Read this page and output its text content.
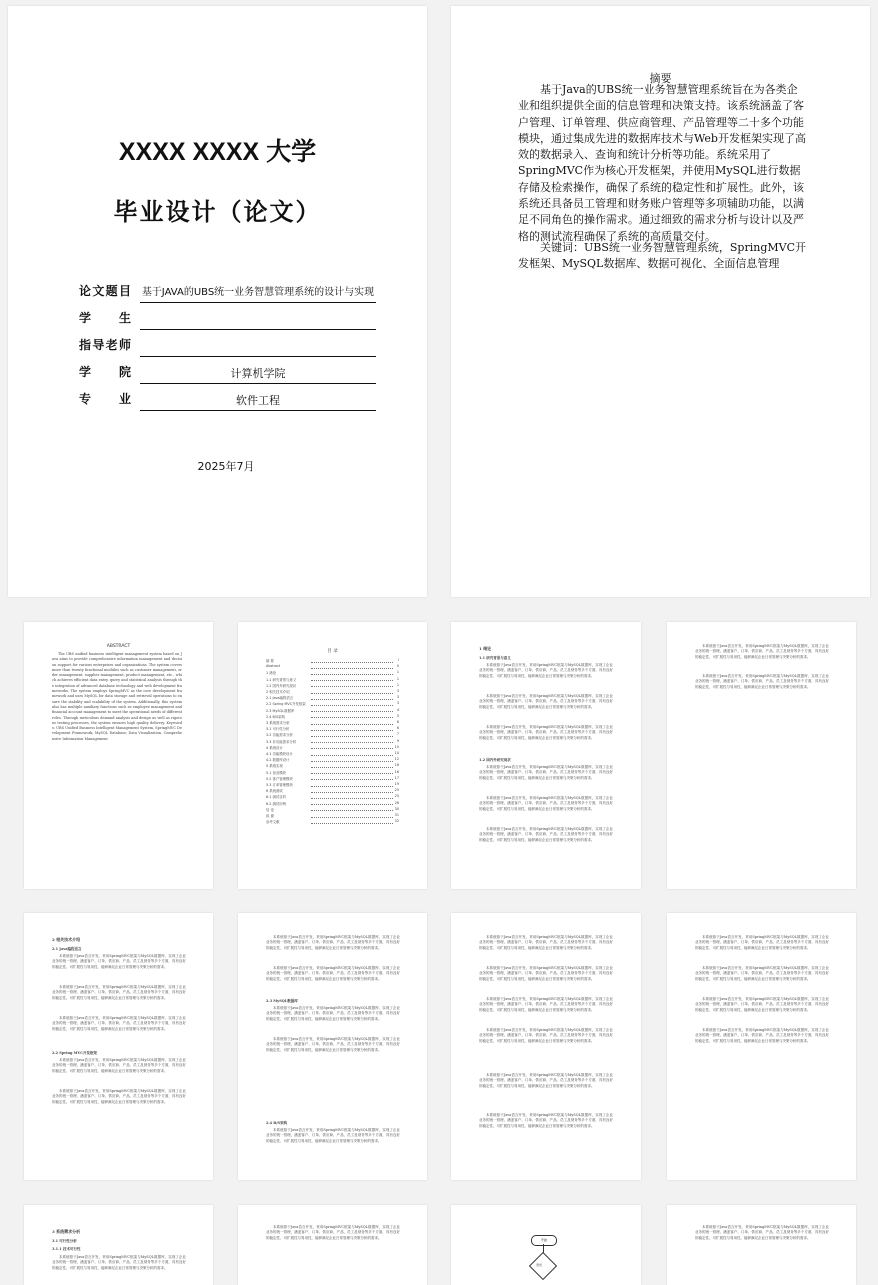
XXXX XXXX 大学
毕业设计（论文）
论文题目 基于JAVA的UBS统一业务智慧管理系统的设计与实现
学生
指导老师
学院	计算机学院
专业	软件工程
2025年7月
摘要
基于Java的UBS统一业务智慧管理系统旨在为各类企业和组织提供全面的信息管理和决策支持。该系统涵盖了客户管理、订单管理、供应商管理、产品管理等二十多个功能模块，通过集成先进的数据库技术与Web开发框架实现了高效的数据录入、查询和统计分析等功能。系统采用了SpringMVC作为核心开发框架，并使用MySQL进行数据存储及检索操作，确保了系统的稳定性和扩展性。此外，该系统还具备员工管理和财务账户管理等多项辅助功能，以满足不同角色的操作需求。通过细致的需求分析与设计以及严格的测试流程确保了系统的高质量交付。
关键词：UBS统一业务智慧管理系统，SpringMVC开发框架、MySQL数据库、数据可视化、全面信息管理
ABSTRACT
The UBS unified business intelligent management system based on Java aims to provide comprehensive information management and decision support for various enterprises and organizations. The system covers more than twenty functional modules such as customer management, order management, supplier management, product management, etc., which achieves efficient data entry, query and statistical analysis through the integration of advanced database technology and web development frameworks. The system employs SpringMVC as the core development framework and uses MySQL for data storage and retrieval operations to ensure the stability and scalability of the system. Additionally, this system also has multiple auxiliary functions such as employee management and financial account management to meet the operational needs of different roles. Through meticulous demand analysis and design as well as rigorous testing processes, the system ensures high quality delivery. Keywords: UBS Unified Business Intelligent Management System, SpringMVC Development Framework, MySQL Database, Data Visualization, Comprehensive Information Management
目 录
摘 要	I
Abstract	II
1 绪论	1
1.1 研究背景与意义	1
1.2 国内外研究现状	1
2 相关技术介绍	3
2.1 Java编程语言	3
2.2 Spring MVC开发框架	3
2.3 MySQL数据库	4
2.4 B/S架构	5
3 系统需求分析	6
3.1 可行性分析	6
3.2 功能需求分析	7
3.3 非功能需求分析	9
4 系统设计	10
4.1 功能模块设计	10
4.2 数据库设计	12
5 系统实现	16
5.1 登录模块	16
5.2 客户管理模块	17
5.3 订单管理模块	19
6 系统测试	25
6.1 测试目的	25
6.2 测试用例	26
结 论	30
致 谢	31
参考文献	32
1 绪论
1.1 研究背景与意义
本系统基于Java语言开发，采用SpringMVC框架与MySQL数据库，实现了企业业务的统一管理，涵盖客户、订单、供应商、产品、员工及财务等多个方面，具有良好的稳定性、可扩展性与易用性，能够满足企业日常管理与决策分析的需求。
本系统基于Java语言开发，采用SpringMVC框架与MySQL数据库，实现了企业业务的统一管理，涵盖客户、订单、供应商、产品、员工及财务等多个方面，具有良好的稳定性、可扩展性与易用性，能够满足企业日常管理与决策分析的需求。
本系统基于Java语言开发，采用SpringMVC框架与MySQL数据库，实现了企业业务的统一管理，涵盖客户、订单、供应商、产品、员工及财务等多个方面，具有良好的稳定性、可扩展性与易用性，能够满足企业日常管理与决策分析的需求。
1.2 国内外研究现状
本系统基于Java语言开发，采用SpringMVC框架与MySQL数据库，实现了企业业务的统一管理，涵盖客户、订单、供应商、产品、员工及财务等多个方面，具有良好的稳定性、可扩展性与易用性，能够满足企业日常管理与决策分析的需求。
本系统基于Java语言开发，采用SpringMVC框架与MySQL数据库，实现了企业业务的统一管理，涵盖客户、订单、供应商、产品、员工及财务等多个方面，具有良好的稳定性、可扩展性与易用性，能够满足企业日常管理与决策分析的需求。
本系统基于Java语言开发，采用SpringMVC框架与MySQL数据库，实现了企业业务的统一管理，涵盖客户、订单、供应商、产品、员工及财务等多个方面，具有良好的稳定性、可扩展性与易用性，能够满足企业日常管理与决策分析的需求。
本系统基于Java语言开发，采用SpringMVC框架与MySQL数据库，实现了企业业务的统一管理，涵盖客户、订单、供应商、产品、员工及财务等多个方面，具有良好的稳定性、可扩展性与易用性，能够满足企业日常管理与决策分析的需求。
本系统基于Java语言开发，采用SpringMVC框架与MySQL数据库，实现了企业业务的统一管理，涵盖客户、订单、供应商、产品、员工及财务等多个方面，具有良好的稳定性、可扩展性与易用性，能够满足企业日常管理与决策分析的需求。
2 相关技术介绍
2.1 Java编程语言
本系统基于Java语言开发，采用SpringMVC框架与MySQL数据库，实现了企业业务的统一管理，涵盖客户、订单、供应商、产品、员工及财务等多个方面，具有良好的稳定性、可扩展性与易用性，能够满足企业日常管理与决策分析的需求。
本系统基于Java语言开发，采用SpringMVC框架与MySQL数据库，实现了企业业务的统一管理，涵盖客户、订单、供应商、产品、员工及财务等多个方面，具有良好的稳定性、可扩展性与易用性，能够满足企业日常管理与决策分析的需求。
本系统基于Java语言开发，采用SpringMVC框架与MySQL数据库，实现了企业业务的统一管理，涵盖客户、订单、供应商、产品、员工及财务等多个方面，具有良好的稳定性、可扩展性与易用性，能够满足企业日常管理与决策分析的需求。
2.2 Spring MVC开发框架
本系统基于Java语言开发，采用SpringMVC框架与MySQL数据库，实现了企业业务的统一管理，涵盖客户、订单、供应商、产品、员工及财务等多个方面，具有良好的稳定性、可扩展性与易用性，能够满足企业日常管理与决策分析的需求。
本系统基于Java语言开发，采用SpringMVC框架与MySQL数据库，实现了企业业务的统一管理，涵盖客户、订单、供应商、产品、员工及财务等多个方面，具有良好的稳定性、可扩展性与易用性，能够满足企业日常管理与决策分析的需求。
本系统基于Java语言开发，采用SpringMVC框架与MySQL数据库，实现了企业业务的统一管理，涵盖客户、订单、供应商、产品、员工及财务等多个方面，具有良好的稳定性、可扩展性与易用性，能够满足企业日常管理与决策分析的需求。
本系统基于Java语言开发，采用SpringMVC框架与MySQL数据库，实现了企业业务的统一管理，涵盖客户、订单、供应商、产品、员工及财务等多个方面，具有良好的稳定性、可扩展性与易用性，能够满足企业日常管理与决策分析的需求。
2.3 MySQL数据库
本系统基于Java语言开发，采用SpringMVC框架与MySQL数据库，实现了企业业务的统一管理，涵盖客户、订单、供应商、产品、员工及财务等多个方面，具有良好的稳定性、可扩展性与易用性，能够满足企业日常管理与决策分析的需求。
本系统基于Java语言开发，采用SpringMVC框架与MySQL数据库，实现了企业业务的统一管理，涵盖客户、订单、供应商、产品、员工及财务等多个方面，具有良好的稳定性、可扩展性与易用性，能够满足企业日常管理与决策分析的需求。
2.4 B/S架构
本系统基于Java语言开发，采用SpringMVC框架与MySQL数据库，实现了企业业务的统一管理，涵盖客户、订单、供应商、产品、员工及财务等多个方面，具有良好的稳定性、可扩展性与易用性，能够满足企业日常管理与决策分析的需求。
本系统基于Java语言开发，采用SpringMVC框架与MySQL数据库，实现了企业业务的统一管理，涵盖客户、订单、供应商、产品、员工及财务等多个方面，具有良好的稳定性、可扩展性与易用性，能够满足企业日常管理与决策分析的需求。
本系统基于Java语言开发，采用SpringMVC框架与MySQL数据库，实现了企业业务的统一管理，涵盖客户、订单、供应商、产品、员工及财务等多个方面，具有良好的稳定性、可扩展性与易用性，能够满足企业日常管理与决策分析的需求。
本系统基于Java语言开发，采用SpringMVC框架与MySQL数据库，实现了企业业务的统一管理，涵盖客户、订单、供应商、产品、员工及财务等多个方面，具有良好的稳定性、可扩展性与易用性，能够满足企业日常管理与决策分析的需求。
本系统基于Java语言开发，采用SpringMVC框架与MySQL数据库，实现了企业业务的统一管理，涵盖客户、订单、供应商、产品、员工及财务等多个方面，具有良好的稳定性、可扩展性与易用性，能够满足企业日常管理与决策分析的需求。
本系统基于Java语言开发，采用SpringMVC框架与MySQL数据库，实现了企业业务的统一管理，涵盖客户、订单、供应商、产品、员工及财务等多个方面，具有良好的稳定性、可扩展性与易用性，能够满足企业日常管理与决策分析的需求。
本系统基于Java语言开发，采用SpringMVC框架与MySQL数据库，实现了企业业务的统一管理，涵盖客户、订单、供应商、产品、员工及财务等多个方面，具有良好的稳定性、可扩展性与易用性，能够满足企业日常管理与决策分析的需求。
本系统基于Java语言开发，采用SpringMVC框架与MySQL数据库，实现了企业业务的统一管理，涵盖客户、订单、供应商、产品、员工及财务等多个方面，具有良好的稳定性、可扩展性与易用性，能够满足企业日常管理与决策分析的需求。
本系统基于Java语言开发，采用SpringMVC框架与MySQL数据库，实现了企业业务的统一管理，涵盖客户、订单、供应商、产品、员工及财务等多个方面，具有良好的稳定性、可扩展性与易用性，能够满足企业日常管理与决策分析的需求。
本系统基于Java语言开发，采用SpringMVC框架与MySQL数据库，实现了企业业务的统一管理，涵盖客户、订单、供应商、产品、员工及财务等多个方面，具有良好的稳定性、可扩展性与易用性，能够满足企业日常管理与决策分析的需求。
本系统基于Java语言开发，采用SpringMVC框架与MySQL数据库，实现了企业业务的统一管理，涵盖客户、订单、供应商、产品、员工及财务等多个方面，具有良好的稳定性、可扩展性与易用性，能够满足企业日常管理与决策分析的需求。
3 系统需求分析
3.1 可行性分析
3.1.1 技术可行性
本系统基于Java语言开发，采用SpringMVC框架与MySQL数据库，实现了企业业务的统一管理，涵盖客户、订单、供应商、产品、员工及财务等多个方面，具有良好的稳定性、可扩展性与易用性，能够满足企业日常管理与决策分析的需求。
本系统基于Java语言开发，采用SpringMVC框架与MySQL数据库，实现了企业业务的统一管理，涵盖客户、订单、供应商、产品、员工及财务等多个方面，具有良好的稳定性、可扩展性与易用性，能够满足企业日常管理与决策分析的需求。
开始
登录
本系统基于Java语言开发，采用SpringMVC框架与MySQL数据库，实现了企业业务的统一管理，涵盖客户、订单、供应商、产品、员工及财务等多个方面，具有良好的稳定性、可扩展性与易用性，能够满足企业日常管理与决策分析的需求。
